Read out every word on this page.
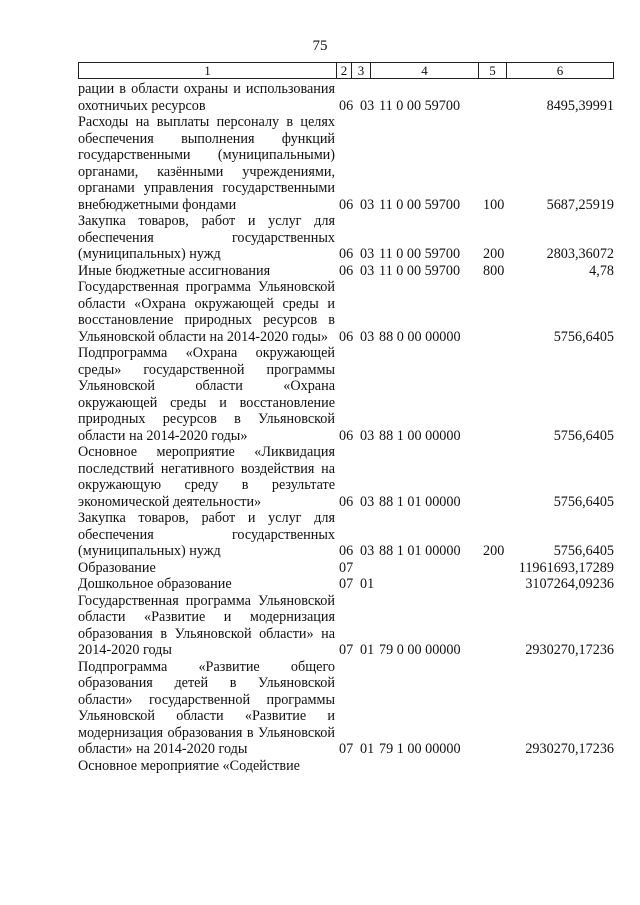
75
1	2 3	4	5	6
рации в области охраны и использования охотничьих ресурсов	06 03 11 0 00 59700	8495,39991
Расходы на выплаты персоналу в целях обеспечения выполнения функций государственными (муниципальными) органами, казёнными учреждениями, органами управления государственными внебюджетными фондами	06 03 11 0 00 59700 100	5687,25919
Закупка товаров, работ и услуг для обеспечения государственных (муниципальных) нужд	06 03 11 0 00 59700 200	2803,36072
Иные бюджетные ассигнования	06 03 11 0 00 59700 800	4,78
Государственная программа Ульяновской области «Охрана окружающей среды и восстановление природных ресурсов в Ульяновской области на 2014-2020 годы» 06 03 88 0 00 00000	5756,6405
Подпрограмма «Охрана окружающей среды» государственной программы Ульяновской области «Охрана окружающей среды и восстановление природных ресурсов в Ульяновской области на 2014-2020 годы»	06 03 88 1 00 00000	5756,6405
Основное мероприятие «Ликвидация последствий негативного воздействия на окружающую среду в результате экономической деятельности»	06 03 88 1 01 00000	5756,6405
Закупка товаров, работ и услуг для обеспечения государственных (муниципальных) нужд	06 03 88 1 01 00000 200	5756,6405
Образование	07	11961693,17289
Дошкольное образование	07 01	3107264,09236
Государственная программа Ульяновской области «Развитие и модернизация образования в Ульяновской области» на 2014-2020 годы	07 01 79 0 00 00000	2930270,17236
Подпрограмма «Развитие общего образования детей в Ульяновской области» государственной программы Ульяновской области «Развитие и модернизация образования в Ульяновской области» на 2014-2020 годы	07 01 79 1 00 00000	2930270,17236
Основное мероприятие «Содействие
